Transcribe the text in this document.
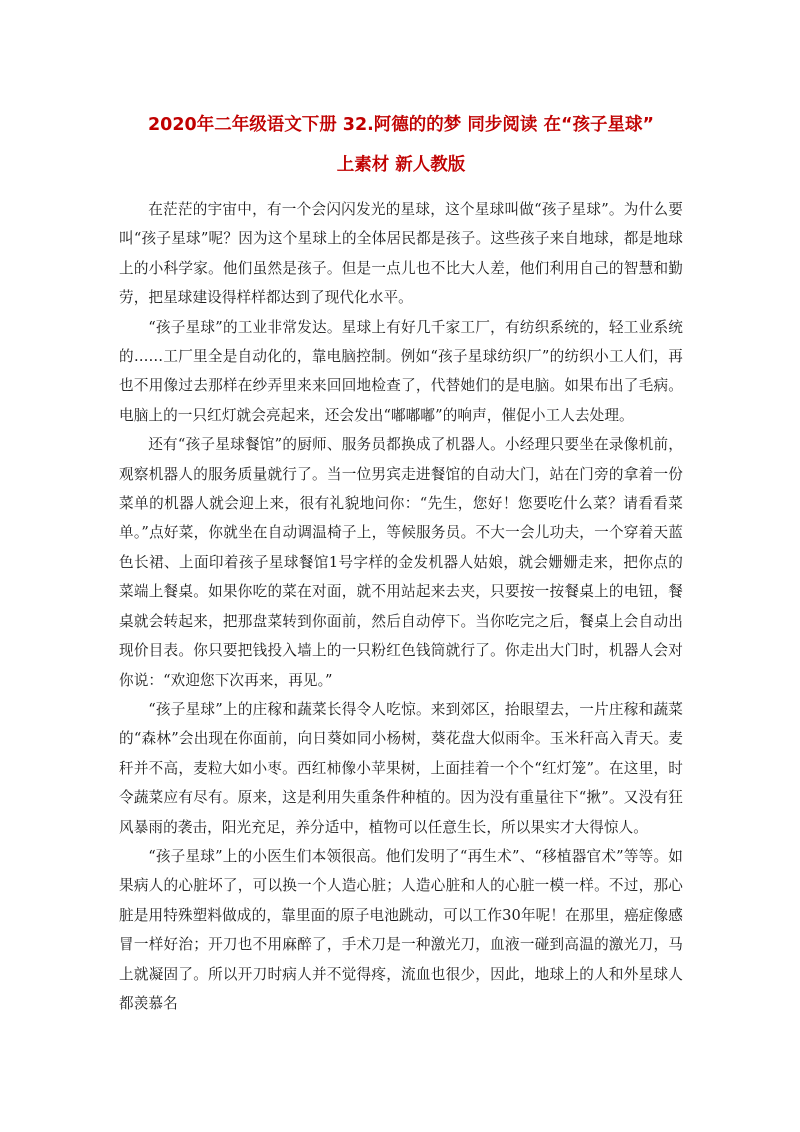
2020年二年级语文下册 32.阿德的的梦 同步阅读 在“孩子星球”
上素材 新人教版

在茫茫的宇宙中，有一个会闪闪发光的星球，这个星球叫做“孩子星球”。为什么要叫“孩子星球”呢？因为这个星球上的全体居民都是孩子。这些孩子来自地球，都是地球上的小科学家。他们虽然是孩子。但是一点儿也不比大人差，他们利用自己的智慧和勤劳，把星球建设得样样都达到了现代化水平。

“孩子星球”的工业非常发达。星球上有好几千家工厂，有纺织系统的，轻工业系统的……工厂里全是自动化的，靠电脑控制。例如“孩子星球纺织厂”的纺织小工人们，再也不用像过去那样在纱弄里来来回回地检查了，代替她们的是电脑。如果布出了毛病。电脑上的一只红灯就会亮起来，还会发出“嘟嘟嘟”的响声，催促小工人去处理。

还有“孩子星球餐馆”的厨师、服务员都换成了机器人。小经理只要坐在录像机前，观察机器人的服务质量就行了。当一位男宾走进餐馆的自动大门，站在门旁的拿着一份菜单的机器人就会迎上来，很有礼貌地问你：“先生，您好！您要吃什么菜？请看看菜单。”点好菜，你就坐在自动调温椅子上，等候服务员。不大一会儿功夫，一个穿着天蓝色长裙、上面印着孩子星球餐馆1号字样的金发机器人姑娘，就会姗姗走来，把你点的菜端上餐桌。如果你吃的菜在对面，就不用站起来去夹，只要按一按餐桌上的电钮，餐桌就会转起来，把那盘菜转到你面前，然后自动停下。当你吃完之后，餐桌上会自动出现价目表。你只要把钱投入墙上的一只粉红色钱筒就行了。你走出大门时，机器人会对你说：“欢迎您下次再来，再见。”

“孩子星球”上的庄稼和蔬菜长得令人吃惊。来到郊区，抬眼望去，一片庄稼和蔬菜的“森林”会出现在你面前，向日葵如同小杨树，葵花盘大似雨伞。玉米秆高入青天。麦秆并不高，麦粒大如小枣。西红柿像小苹果树，上面挂着一个个“红灯笼”。在这里，时令蔬菜应有尽有。原来，这是利用失重条件种植的。因为没有重量往下“揪”。又没有狂风暴雨的袭击，阳光充足，养分适中，植物可以任意生长，所以果实才大得惊人。

“孩子星球”上的小医生们本领很高。他们发明了“再生术”、“移植器官术”等等。如果病人的心脏坏了，可以换一个人造心脏；人造心脏和人的心脏一模一样。不过，那心脏是用特殊塑料做成的，靠里面的原子电池跳动，可以工作30年呢！在那里，癌症像感冒一样好治；开刀也不用麻醉了，手术刀是一种激光刀，血液一碰到高温的激光刀，马上就凝固了。所以开刀时病人并不觉得疼，流血也很少，因此，地球上的人和外星球人都羡慕名
